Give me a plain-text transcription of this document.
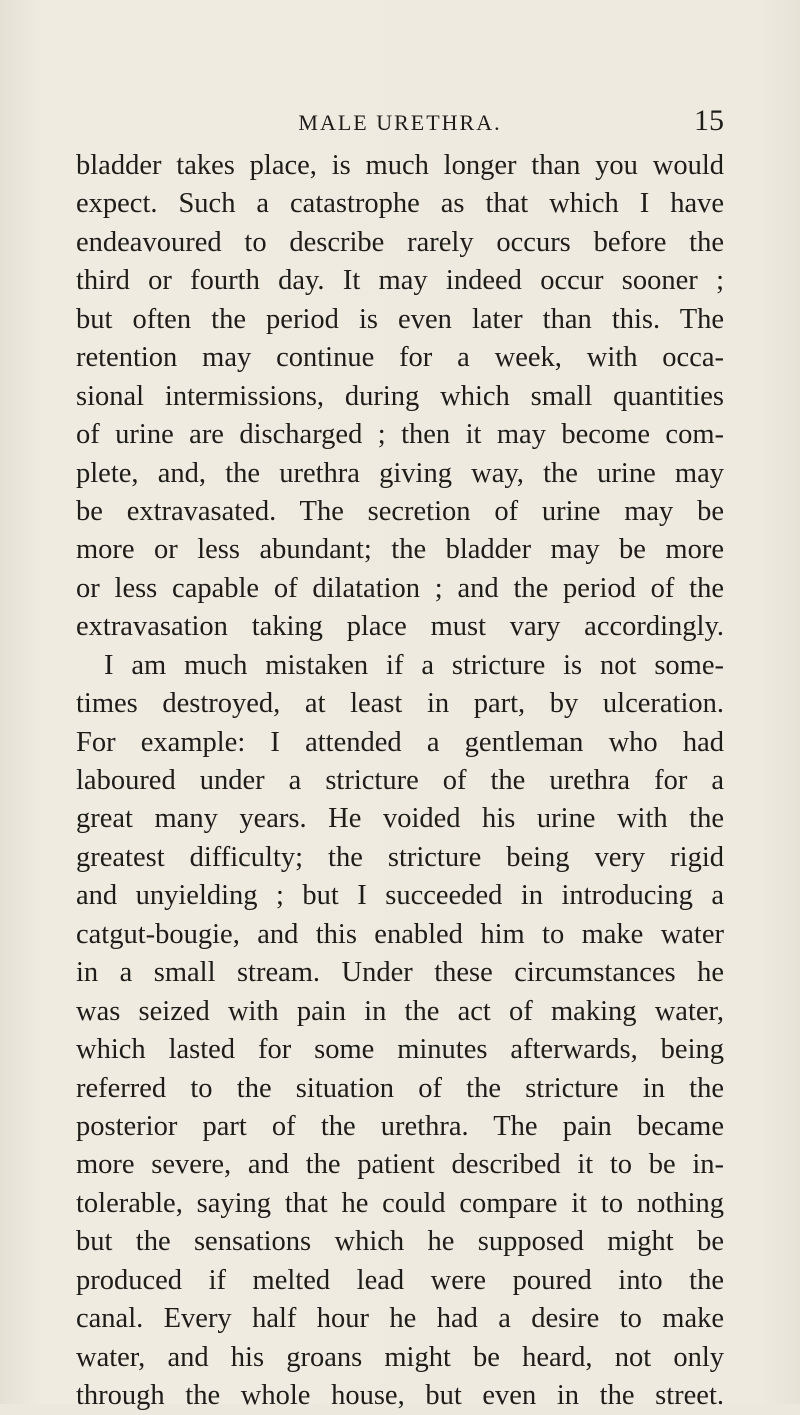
MALE URETHRA.	15
bladder takes place, is much longer than you would
expect. Such a catastrophe as that which I have
endeavoured to describe rarely occurs before the
third or fourth day. It may indeed occur sooner ;
but often the period is even later than this. The
retention may continue for a week, with occa-
sional intermissions, during which small quantities
of urine are discharged ; then it may become com-
plete, and, the urethra giving way, the urine may
be extravasated. The secretion of urine may be
more or less abundant; the bladder may be more
or less capable of dilatation ; and the period of the
extravasation taking place must vary accordingly.
I am much mistaken if a stricture is not some-
times destroyed, at least in part, by ulceration.
For example: I attended a gentleman who had
laboured under a stricture of the urethra for a
great many years. He voided his urine with the
greatest difficulty; the stricture being very rigid
and unyielding ; but I succeeded in introducing a
catgut-bougie, and this enabled him to make water
in a small stream. Under these circumstances he
was seized with pain in the act of making water,
which lasted for some minutes afterwards, being
referred to the situation of the stricture in the
posterior part of the urethra. The pain became
more severe, and the patient described it to be in-
tolerable, saying that he could compare it to nothing
but the sensations which he supposed might be
produced if melted lead were poured into the
canal. Every half hour he had a desire to make
water, and his groans might be heard, not only
through the whole house, but even in the street.
